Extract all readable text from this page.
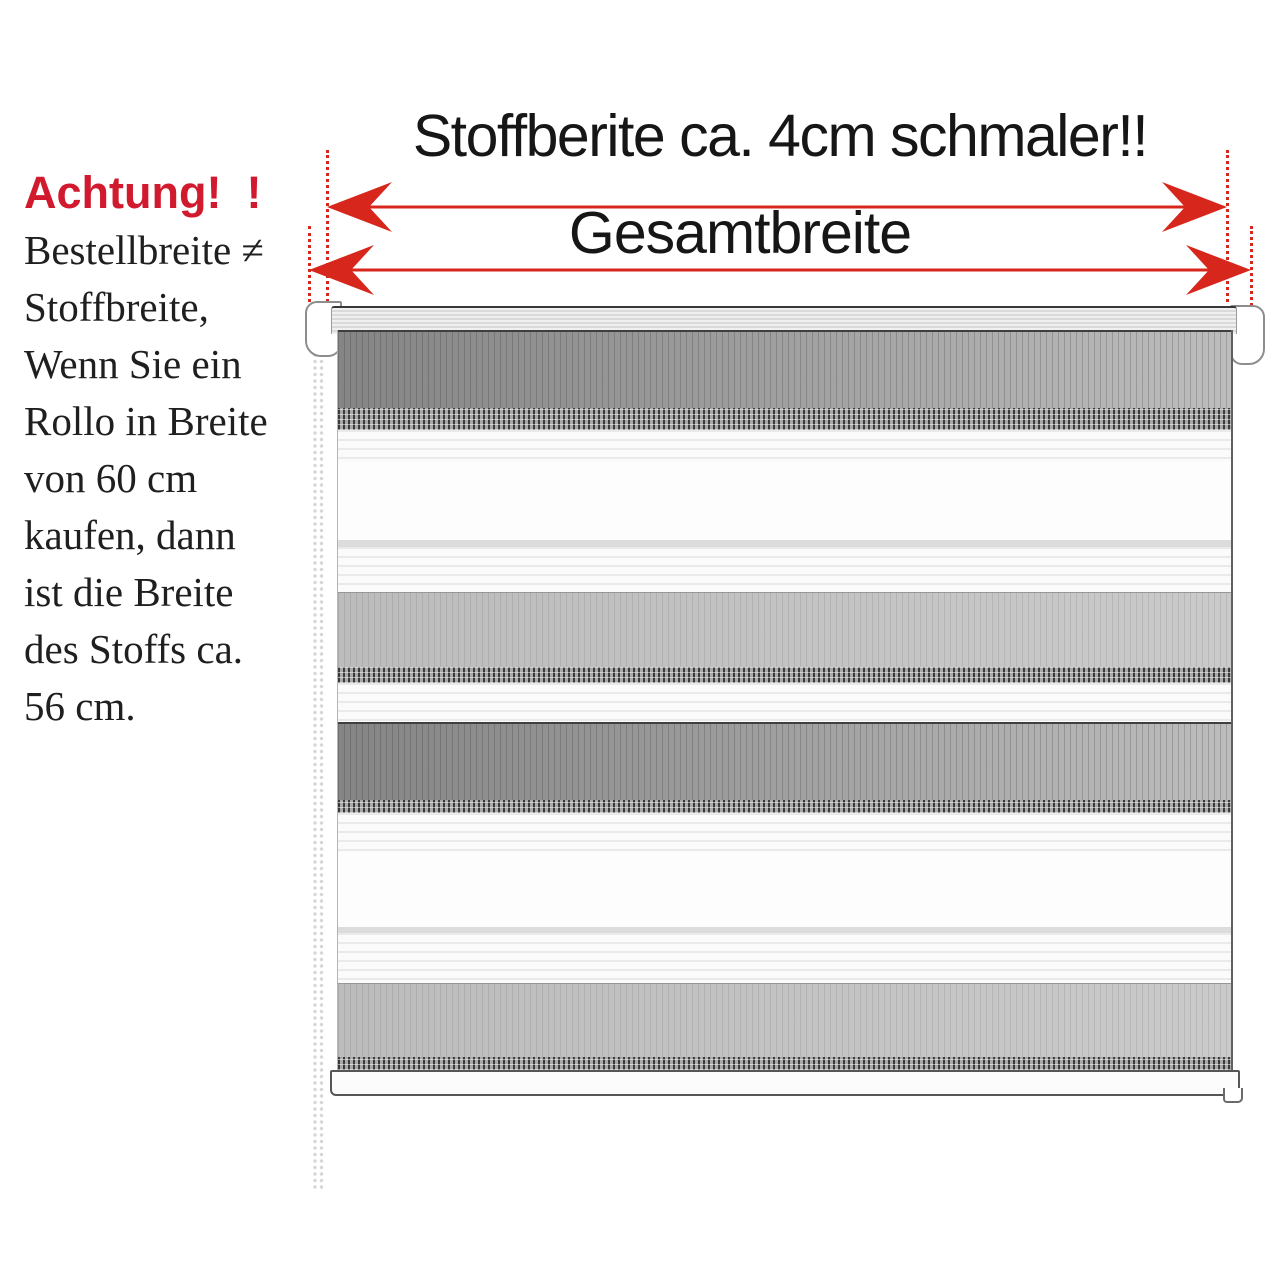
Stoffberite ca. 4cm schmaler!!
Gesamtbreite
Achtung!  !
Bestellbreite ≠
Stoffbreite,
Wenn Sie ein
Rollo in Breite
von 60 cm
kaufen, dann
ist die Breite
des Stoffs ca.
56 cm.
